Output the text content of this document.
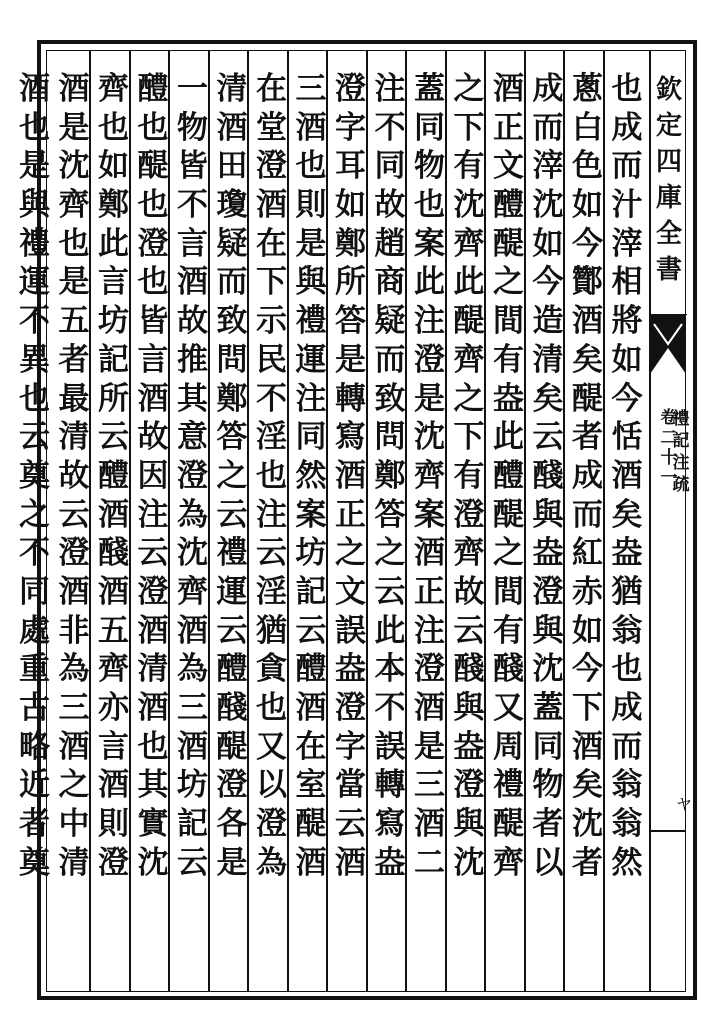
也
成
而
汁
滓
相
將
如
今
恬
酒
矣
盎
猶
翁
也
成
而
翁
翁
然
蔥
白
色
如
今
酇
酒
矣
醍
者
成
而
紅
赤
如
今
下
酒
矣
沈
者
成
而
滓
沈
如
今
造
清
矣
云
醆
與
盎
澄
與
沈
蓋
同
物
者
以
酒
正
文
醴
醍
之
間
有
盎
此
醴
醍
之
間
有
醆
又
周
禮
醍
齊
之
下
有
沈
齊
此
醍
齊
之
下
有
澄
齊
故
云
醆
與
盎
澄
與
沈
蓋
同
物
也
案
此
注
澄
是
沈
齊
案
酒
正
注
澄
酒
是
三
酒
二
注
不
同
故
趙
商
疑
而
致
問
鄭
答
之
云
此
本
不
誤
轉
寫
盎
澄
字
耳
如
鄭
所
答
是
轉
寫
酒
正
之
文
誤
盎
澄
字
當
云
酒
三
酒
也
則
是
與
禮
運
注
同
然
案
坊
記
云
醴
酒
在
室
醍
酒
在
堂
澄
酒
在
下
示
民
不
淫
也
注
云
淫
猶
貪
也
又
以
澄
為
清
酒
田
瓊
疑
而
致
問
鄭
答
之
云
禮
運
云
醴
醆
醍
澄
各
是
一
物
皆
不
言
酒
故
推
其
意
澄
為
沈
齊
酒
為
三
酒
坊
記
云
醴
也
醍
也
澄
也
皆
言
酒
故
因
注
云
澄
酒
清
酒
也
其
實
沈
齊
也
如
鄭
此
言
坊
記
所
云
醴
酒
醆
酒
五
齊
亦
言
酒
則
澄
酒
是
沈
齊
也
是
五
者
最
清
故
云
澄
酒
非
為
三
酒
之
中
清
酒
也
是
與
禮
運
不
異
也
云
奠
之
不
同
處
重
古
略
近
者
奠
欽
定
四
庫
全
書
禮
記
注
疏
卷
二
十
一
ヤ
